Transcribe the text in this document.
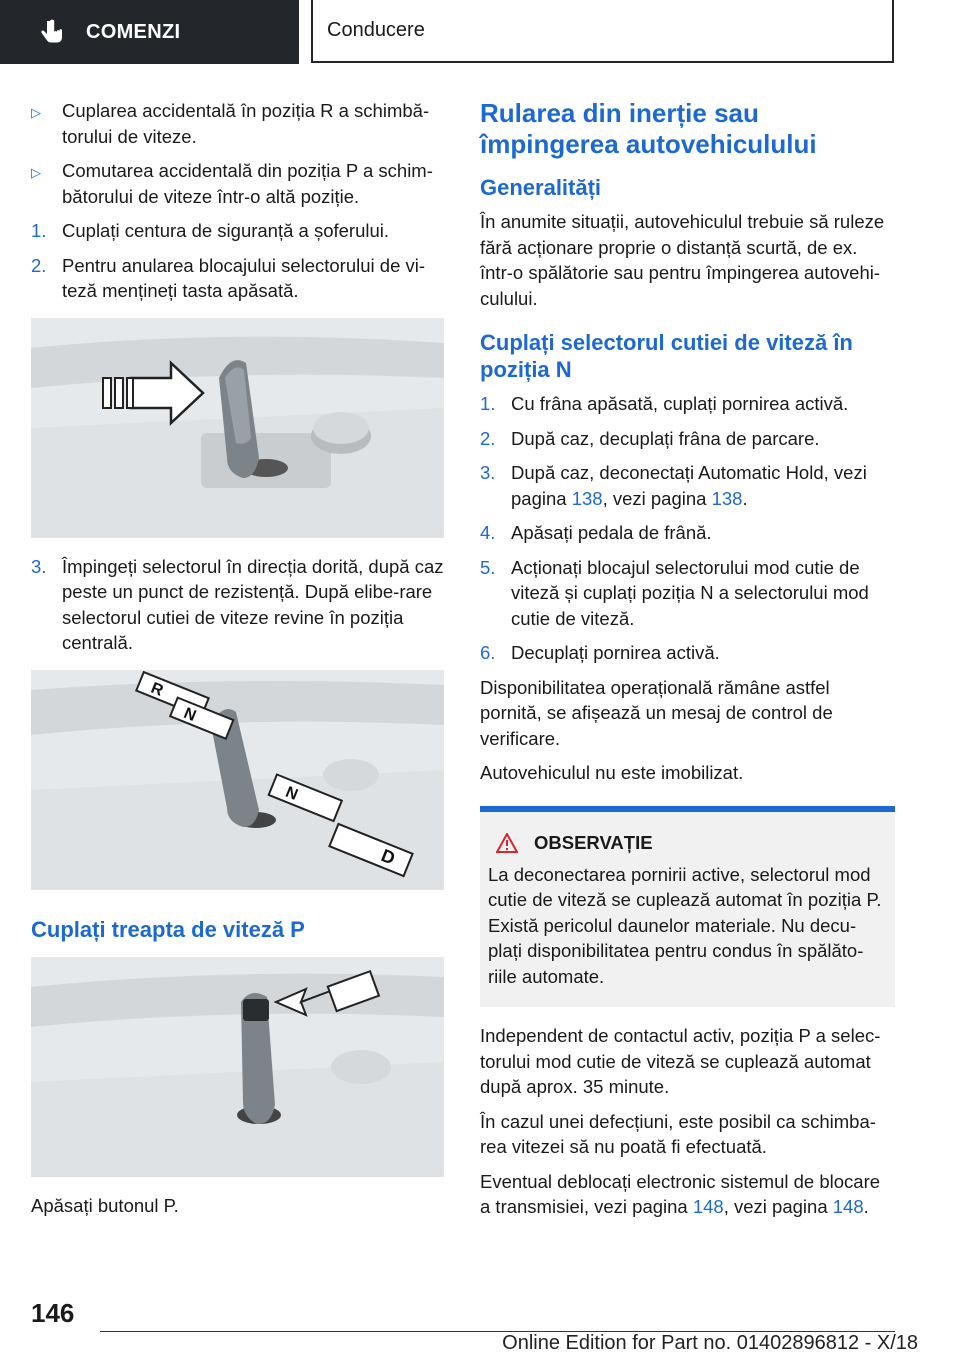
COMENZI	Conducere
▷	Cuplarea accidentală în poziția R a schimbă‐torului de viteze.
▷	Comutarea accidentală din poziția P a schim‐bătorului de viteze într-o altă poziție.
1. Cuplați centura de siguranță a șoferului.
2. Pentru anularea blocajului selectorului de vi‐teză mențineți tasta apăsată.
3. Împingeți selectorul în direcția dorită, după caz peste un punct de rezistență. După elibe‐rare selectorul cutiei de viteze revine în poziția centrală.
R
N
N
D
Cuplați treapta de viteză P

Apăsați butonul P.

Rularea din inerție sau împingerea autovehiculului
Generalități

În anumite situații, autovehiculul trebuie să ruleze fără acționare proprie o distanță scurtă, de ex. într-o spălătorie sau pentru împingerea autovehi‐culului.

Cuplați selectorul cutiei de viteză în poziția N
1. Cu frâna apăsată, cuplați pornirea activă.
2. După caz, decuplați frâna de parcare.
3. După caz, deconectați Automatic Hold, vezi pagina 138, vezi pagina 138.
4. Apăsați pedala de frână.
5. Acționați blocajul selectorului mod cutie de viteză și cuplați poziția N a selectorului mod cutie de viteză.
6. Decuplați pornirea activă.

Disponibilitatea operațională rămâne astfel pornită, se afișează un mesaj de control de verificare.

Autovehiculul nu este imobilizat.

OBSERVAȚIE
La deconectarea pornirii active, selectorul mod cutie de viteză se cuplează automat în poziția P. Există pericolul daunelor materiale. Nu decu‐plați disponibilitatea pentru condus în spălăto‐riile automate.

Independent de contactul activ, poziția P a selec‐torului mod cutie de viteză se cuplează automat după aprox. 35 minute.

În cazul unei defecțiuni, este posibil ca schimba‐rea vitezei să nu poată fi efectuată.

Eventual deblocați electronic sistemul de blocare a transmisiei, vezi pagina 148, vezi pagina 148.

146
Online Edition for Part no. 01402896812 - X/18
